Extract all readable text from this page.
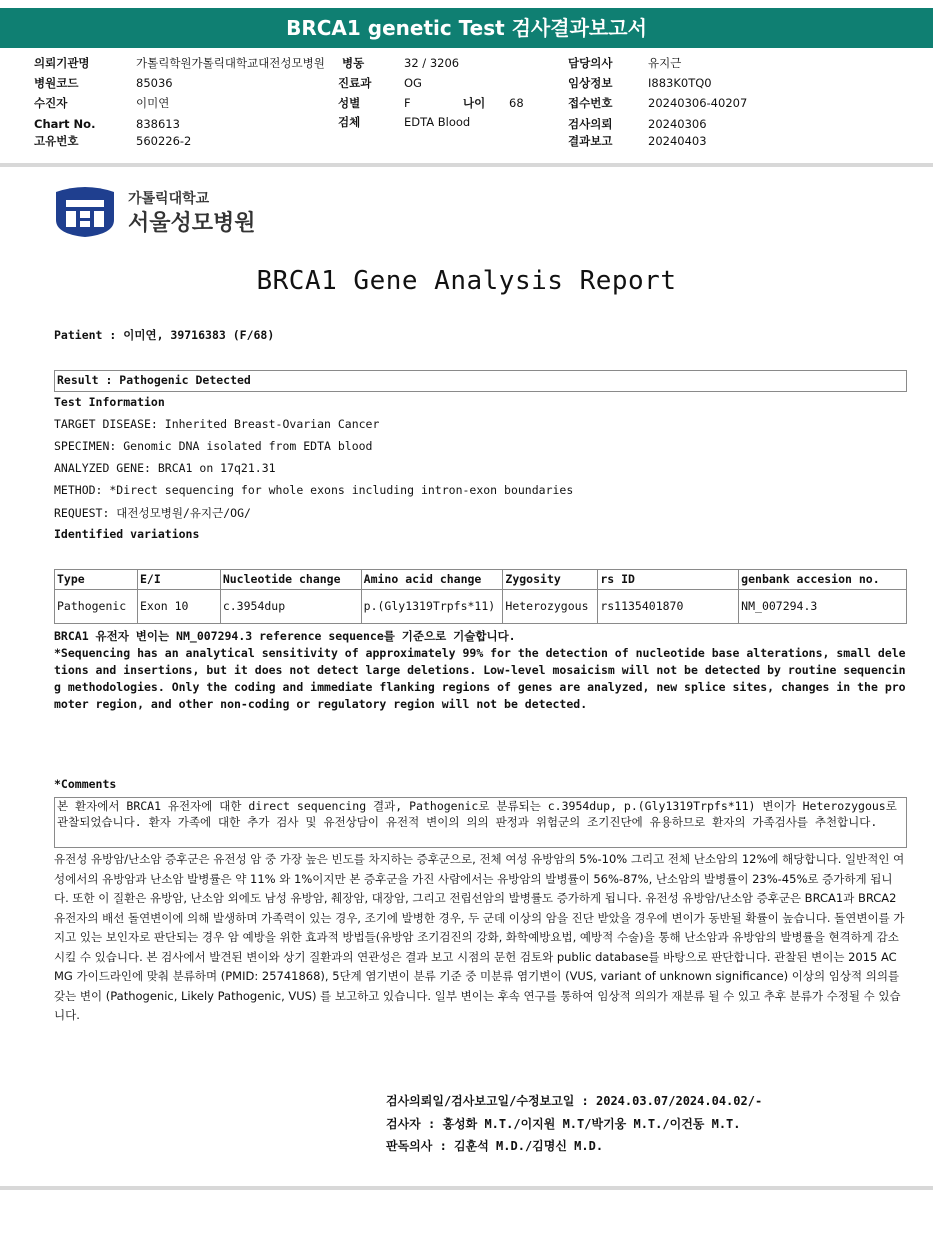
BRCA1 genetic Test 검사결과보고서
의뢰기관명	가톨릭학원가톨릭대학교대전성모병원
병원코드	85036
수진자	이미연
Chart No.	838613
고유번호	560226-2
병동	32 / 3206
진료과	OG
성별	F	나이 68
검체	EDTA Blood
담당의사	유지근
임상정보	I883K0TQ0
접수번호	20240306-40207
검사의뢰	20240306
결과보고	20240403
가톨릭대학교
서울성모병원
BRCA1 Gene Analysis Report
Patient : 이미연, 39716383 (F/68)
Result : Pathogenic Detected
Test Information
TARGET DISEASE: Inherited Breast-Ovarian Cancer
SPECIMEN: Genomic DNA isolated from EDTA blood
ANALYZED GENE: BRCA1 on 17q21.31
METHOD: *Direct sequencing for whole exons including intron-exon boundaries
REQUEST: 대전성모병원/유지근/OG/
Identified variations
Type	E/I	Nucleotide change	Amino acid change	Zygosity	rs ID	genbank accesion no.
Pathogenic	Exon 10	c.3954dup	p.(Gly1319Trpfs*11)	Heterozygous	rs1135401870	NM_007294.3
BRCA1 유전자 변이는 NM_007294.3 reference sequence를 기준으로 기술합니다.
*Sequencing has an analytical sensitivity of approximately 99% for the detection of nucleotide base alterations, small deletions and insertions, but it does not detect large deletions. Low-level mosaicism will not be detected by routine sequencing methodologies. Only the coding and immediate flanking regions of genes are analyzed, new splice sites, changes in the promoter region, and other non-coding or regulatory region will not be detected.
*Comments
본 환자에서 BRCA1 유전자에 대한 direct sequencing 결과, Pathogenic로 분류되는 c.3954dup, p.(Gly1319Trpfs*11) 변이가 Heterozygous로 관찰되었습니다. 환자 가족에 대한 추가 검사 및 유전상담이 유전적 변이의 의의 판정과 위험군의 조기진단에 유용하므로 환자의 가족검사를 추천합니다.
유전성 유방암/난소암 증후군은 유전성 암 중 가장 높은 빈도를 차지하는 증후군으로, 전체 여성 유방암의 5%-10% 그리고 전체 난소암의 12%에 해당합니다. 일반적인 여성에서의 유방암과 난소암 발병률은 약 11% 와 1%이지만 본 증후군을 가진 사람에서는 유방암의 발병률이 56%-87%, 난소암의 발병률이 23%-45%로 증가하게 됩니다. 또한 이 질환은 유방암, 난소암 외에도 남성 유방암, 췌장암, 대장암, 그리고 전립선암의 발병률도 증가하게 됩니다. 유전성 유방암/난소암 증후군은 BRCA1과 BRCA2 유전자의 배선 돌연변이에 의해 발생하며 가족력이 있는 경우, 조기에 발병한 경우, 두 군데 이상의 암을 진단 받았을 경우에 변이가 동반될 확률이 높습니다. 돌연변이를 가지고 있는 보인자로 판단되는 경우 암 예방을 위한 효과적 방법들(유방암 조기검진의 강화, 화학예방요법, 예방적 수술)을 통해 난소암과 유방암의 발병률을 현격하게 감소시킬 수 있습니다. 본 검사에서 발견된 변이와 상기 질환과의 연관성은 결과 보고 시점의 문헌 검토와 public database를 바탕으로 판단합니다. 관찰된 변이는 2015 ACMG 가이드라인에 맞춰 분류하며 (PMID: 25741868), 5단계 염기변이 분류 기준 중 미분류 염기변이 (VUS, variant of unknown significance) 이상의 임상적 의의를 갖는 변이 (Pathogenic, Likely Pathogenic, VUS) 를 보고하고 있습니다. 일부 변이는 후속 연구를 통하여 임상적 의의가 재분류 될 수 있고 추후 분류가 수정될 수 있습니다.
검사의뢰일/검사보고일/수정보고일 : 2024.03.07/2024.04.02/-
검사자 : 홍성화 M.T./이지원 M.T/박기웅 M.T./이건동 M.T.
판독의사 : 김훈석 M.D./김명신 M.D.
